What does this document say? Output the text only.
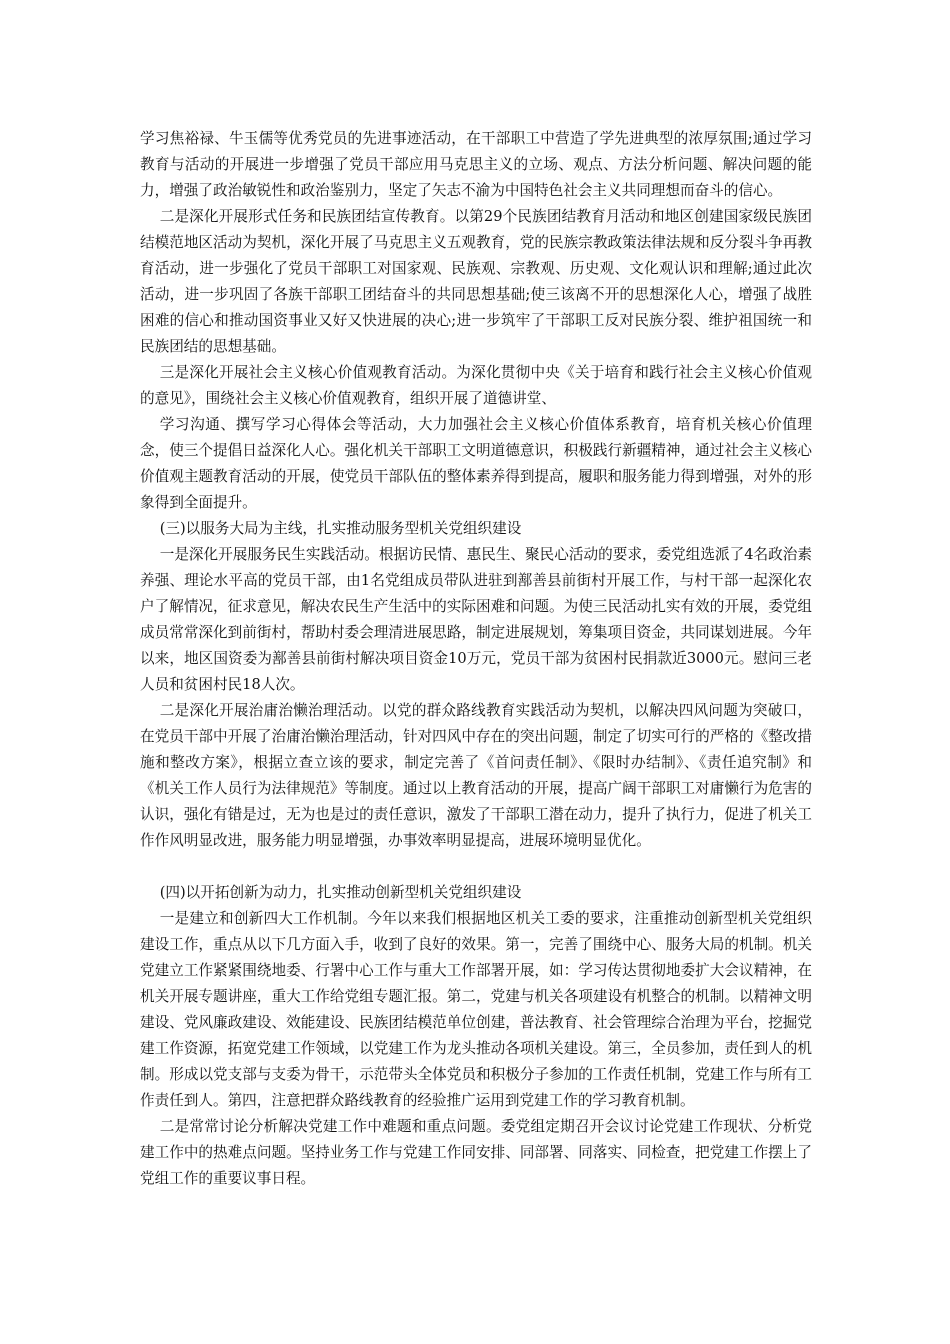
学习焦裕禄、牛玉儒等优秀党员的先进事迹活动，在干部职工中营造了学先进典型的浓厚氛围;通过学习教育与活动的开展进一步增强了党员干部应用马克思主义的立场、观点、方法分析问题、解决问题的能力，增强了政治敏锐性和政治鉴别力，坚定了矢志不渝为中国特色社会主义共同理想而奋斗的信心。

二是深化开展形式任务和民族团结宣传教育。以第29个民族团结教育月活动和地区创建国家级民族团结模范地区活动为契机，深化开展了马克思主义五观教育，党的民族宗教政策法律法规和反分裂斗争再教育活动，进一步强化了党员干部职工对国家观、民族观、宗教观、历史观、文化观认识和理解;通过此次活动，进一步巩固了各族干部职工团结奋斗的共同思想基础;使三该离不开的思想深化人心，增强了战胜困难的信心和推动国资事业又好又快进展的决心;进一步筑牢了干部职工反对民族分裂、维护祖国统一和民族团结的思想基础。

三是深化开展社会主义核心价值观教育活动。为深化贯彻中央《关于培育和践行社会主义核心价值观的意见》，围绕社会主义核心价值观教育，组织开展了道德讲堂、

学习沟通、撰写学习心得体会等活动，大力加强社会主义核心价值体系教育，培育机关核心价值理念，使三个提倡日益深化人心。强化机关干部职工文明道德意识，积极践行新疆精神，通过社会主义核心价值观主题教育活动的开展，使党员干部队伍的整体素养得到提高，履职和服务能力得到增强，对外的形象得到全面提升。

(三)以服务大局为主线，扎实推动服务型机关党组织建设

一是深化开展服务民生实践活动。根据访民情、惠民生、聚民心活动的要求，委党组选派了4名政治素养强、理论水平高的党员干部，由1名党组成员带队进驻到鄯善县前街村开展工作，与村干部一起深化农户了解情况，征求意见，解决农民生产生活中的实际困难和问题。为使三民活动扎实有效的开展，委党组成员常常深化到前街村，帮助村委会理清进展思路，制定进展规划，筹集项目资金，共同谋划进展。今年以来，地区国资委为鄯善县前街村解决项目资金10万元，党员干部为贫困村民捐款近3000元。慰问三老人员和贫困村民18人次。

二是深化开展治庸治懒治理活动。以党的群众路线教育实践活动为契机，以解决四风问题为突破口，在党员干部中开展了治庸治懒治理活动，针对四风中存在的突出问题，制定了切实可行的严格的《整改措施和整改方案》，根据立查立该的要求，制定完善了《首问责任制》、《限时办结制》、《责任追究制》和《机关工作人员行为法律规范》等制度。通过以上教育活动的开展，提高广阔干部职工对庸懒行为危害的认识，强化有错是过，无为也是过的责任意识，激发了干部职工潜在动力，提升了执行力，促进了机关工作作风明显改进，服务能力明显增强，办事效率明显提高，进展环境明显优化。

(四)以开拓创新为动力，扎实推动创新型机关党组织建设

一是建立和创新四大工作机制。今年以来我们根据地区机关工委的要求，注重推动创新型机关党组织建设工作，重点从以下几方面入手，收到了良好的效果。第一，完善了围绕中心、服务大局的机制。机关党建立工作紧紧围绕地委、行署中心工作与重大工作部署开展，如：学习传达贯彻地委扩大会议精神，在机关开展专题讲座，重大工作给党组专题汇报。第二，党建与机关各项建设有机整合的机制。以精神文明建设、党风廉政建设、效能建设、民族团结模范单位创建，普法教育、社会管理综合治理为平台，挖掘党建工作资源，拓宽党建工作领域，以党建工作为龙头推动各项机关建设。第三，全员参加，责任到人的机制。形成以党支部与支委为骨干，示范带头全体党员和积极分子参加的工作责任机制，党建工作与所有工作责任到人。第四，注意把群众路线教育的经验推广运用到党建工作的学习教育机制。

二是常常讨论分析解决党建工作中难题和重点问题。委党组定期召开会议讨论党建工作现状、分析党建工作中的热难点问题。坚持业务工作与党建工作同安排、同部署、同落实、同检查，把党建工作摆上了党组工作的重要议事日程。
